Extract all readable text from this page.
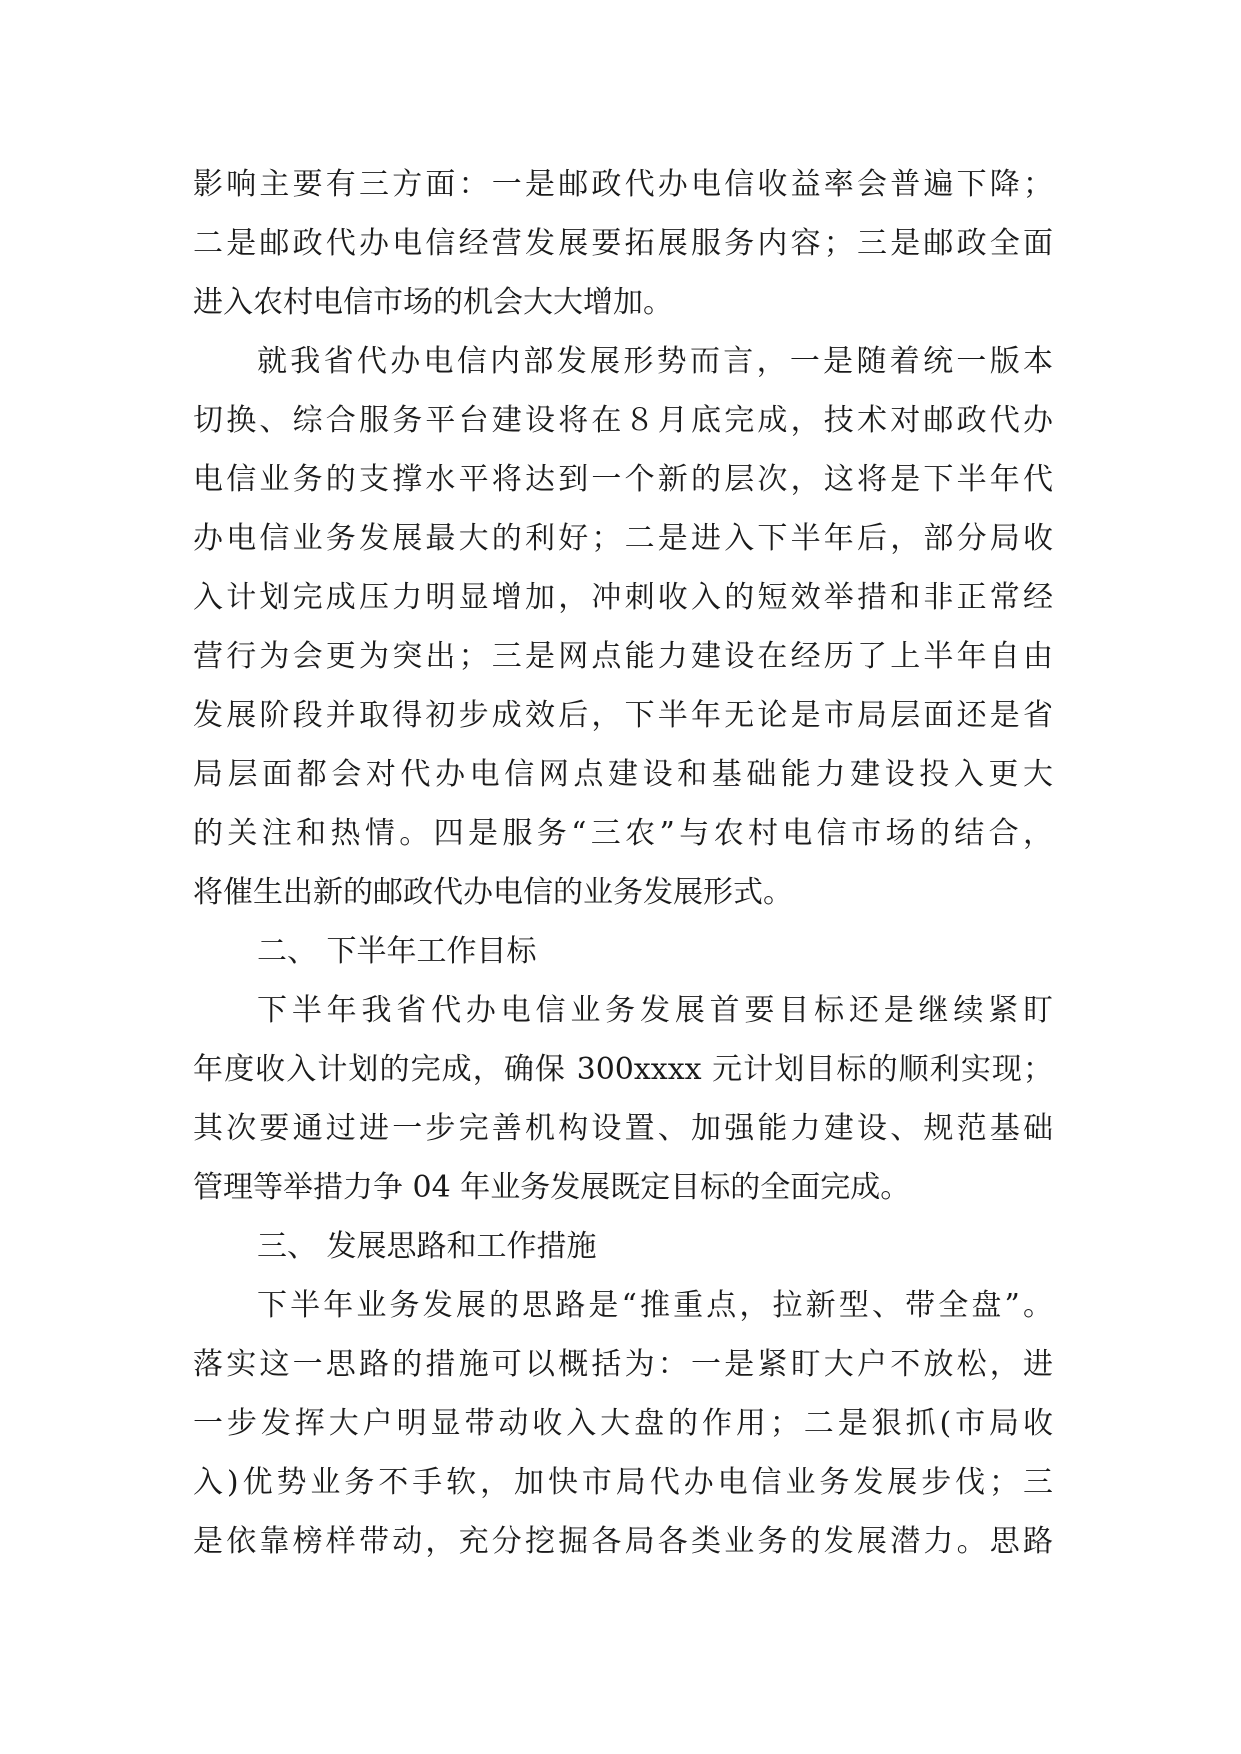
影响主要有三方面：一是邮政代办电信收益率会普遍下降；
二是邮政代办电信经营发展要拓展服务内容；三是邮政全面
进入农村电信市场的机会大大增加。
就我省代办电信内部发展形势而言，一是随着统一版本
切换、综合服务平台建设将在８月底完成，技术对邮政代办
电信业务的支撑水平将达到一个新的层次，这将是下半年代
办电信业务发展最大的利好；二是进入下半年后，部分局收
入计划完成压力明显增加，冲刺收入的短效举措和非正常经
营行为会更为突出；三是网点能力建设在经历了上半年自由
发展阶段并取得初步成效后，下半年无论是市局层面还是省
局层面都会对代办电信网点建设和基础能力建设投入更大
的关注和热情。四是服务“三农”与农村电信市场的结合，
将催生出新的邮政代办电信的业务发展形式。
二、 下半年工作目标
下半年我省代办电信业务发展首要目标还是继续紧盯
年度收入计划的完成，确保 300xxxx 元计划目标的顺利实现；
其次要通过进一步完善机构设置、加强能力建设、规范基础
管理等举措力争 04 年业务发展既定目标的全面完成。
三、 发展思路和工作措施
下半年业务发展的思路是“推重点，拉新型、带全盘”。
落实这一思路的措施可以概括为：一是紧盯大户不放松，进
一步发挥大户明显带动收入大盘的作用；二是狠抓(市局收
入)优势业务不手软，加快市局代办电信业务发展步伐；三
是依靠榜样带动，充分挖掘各局各类业务的发展潜力。思路
